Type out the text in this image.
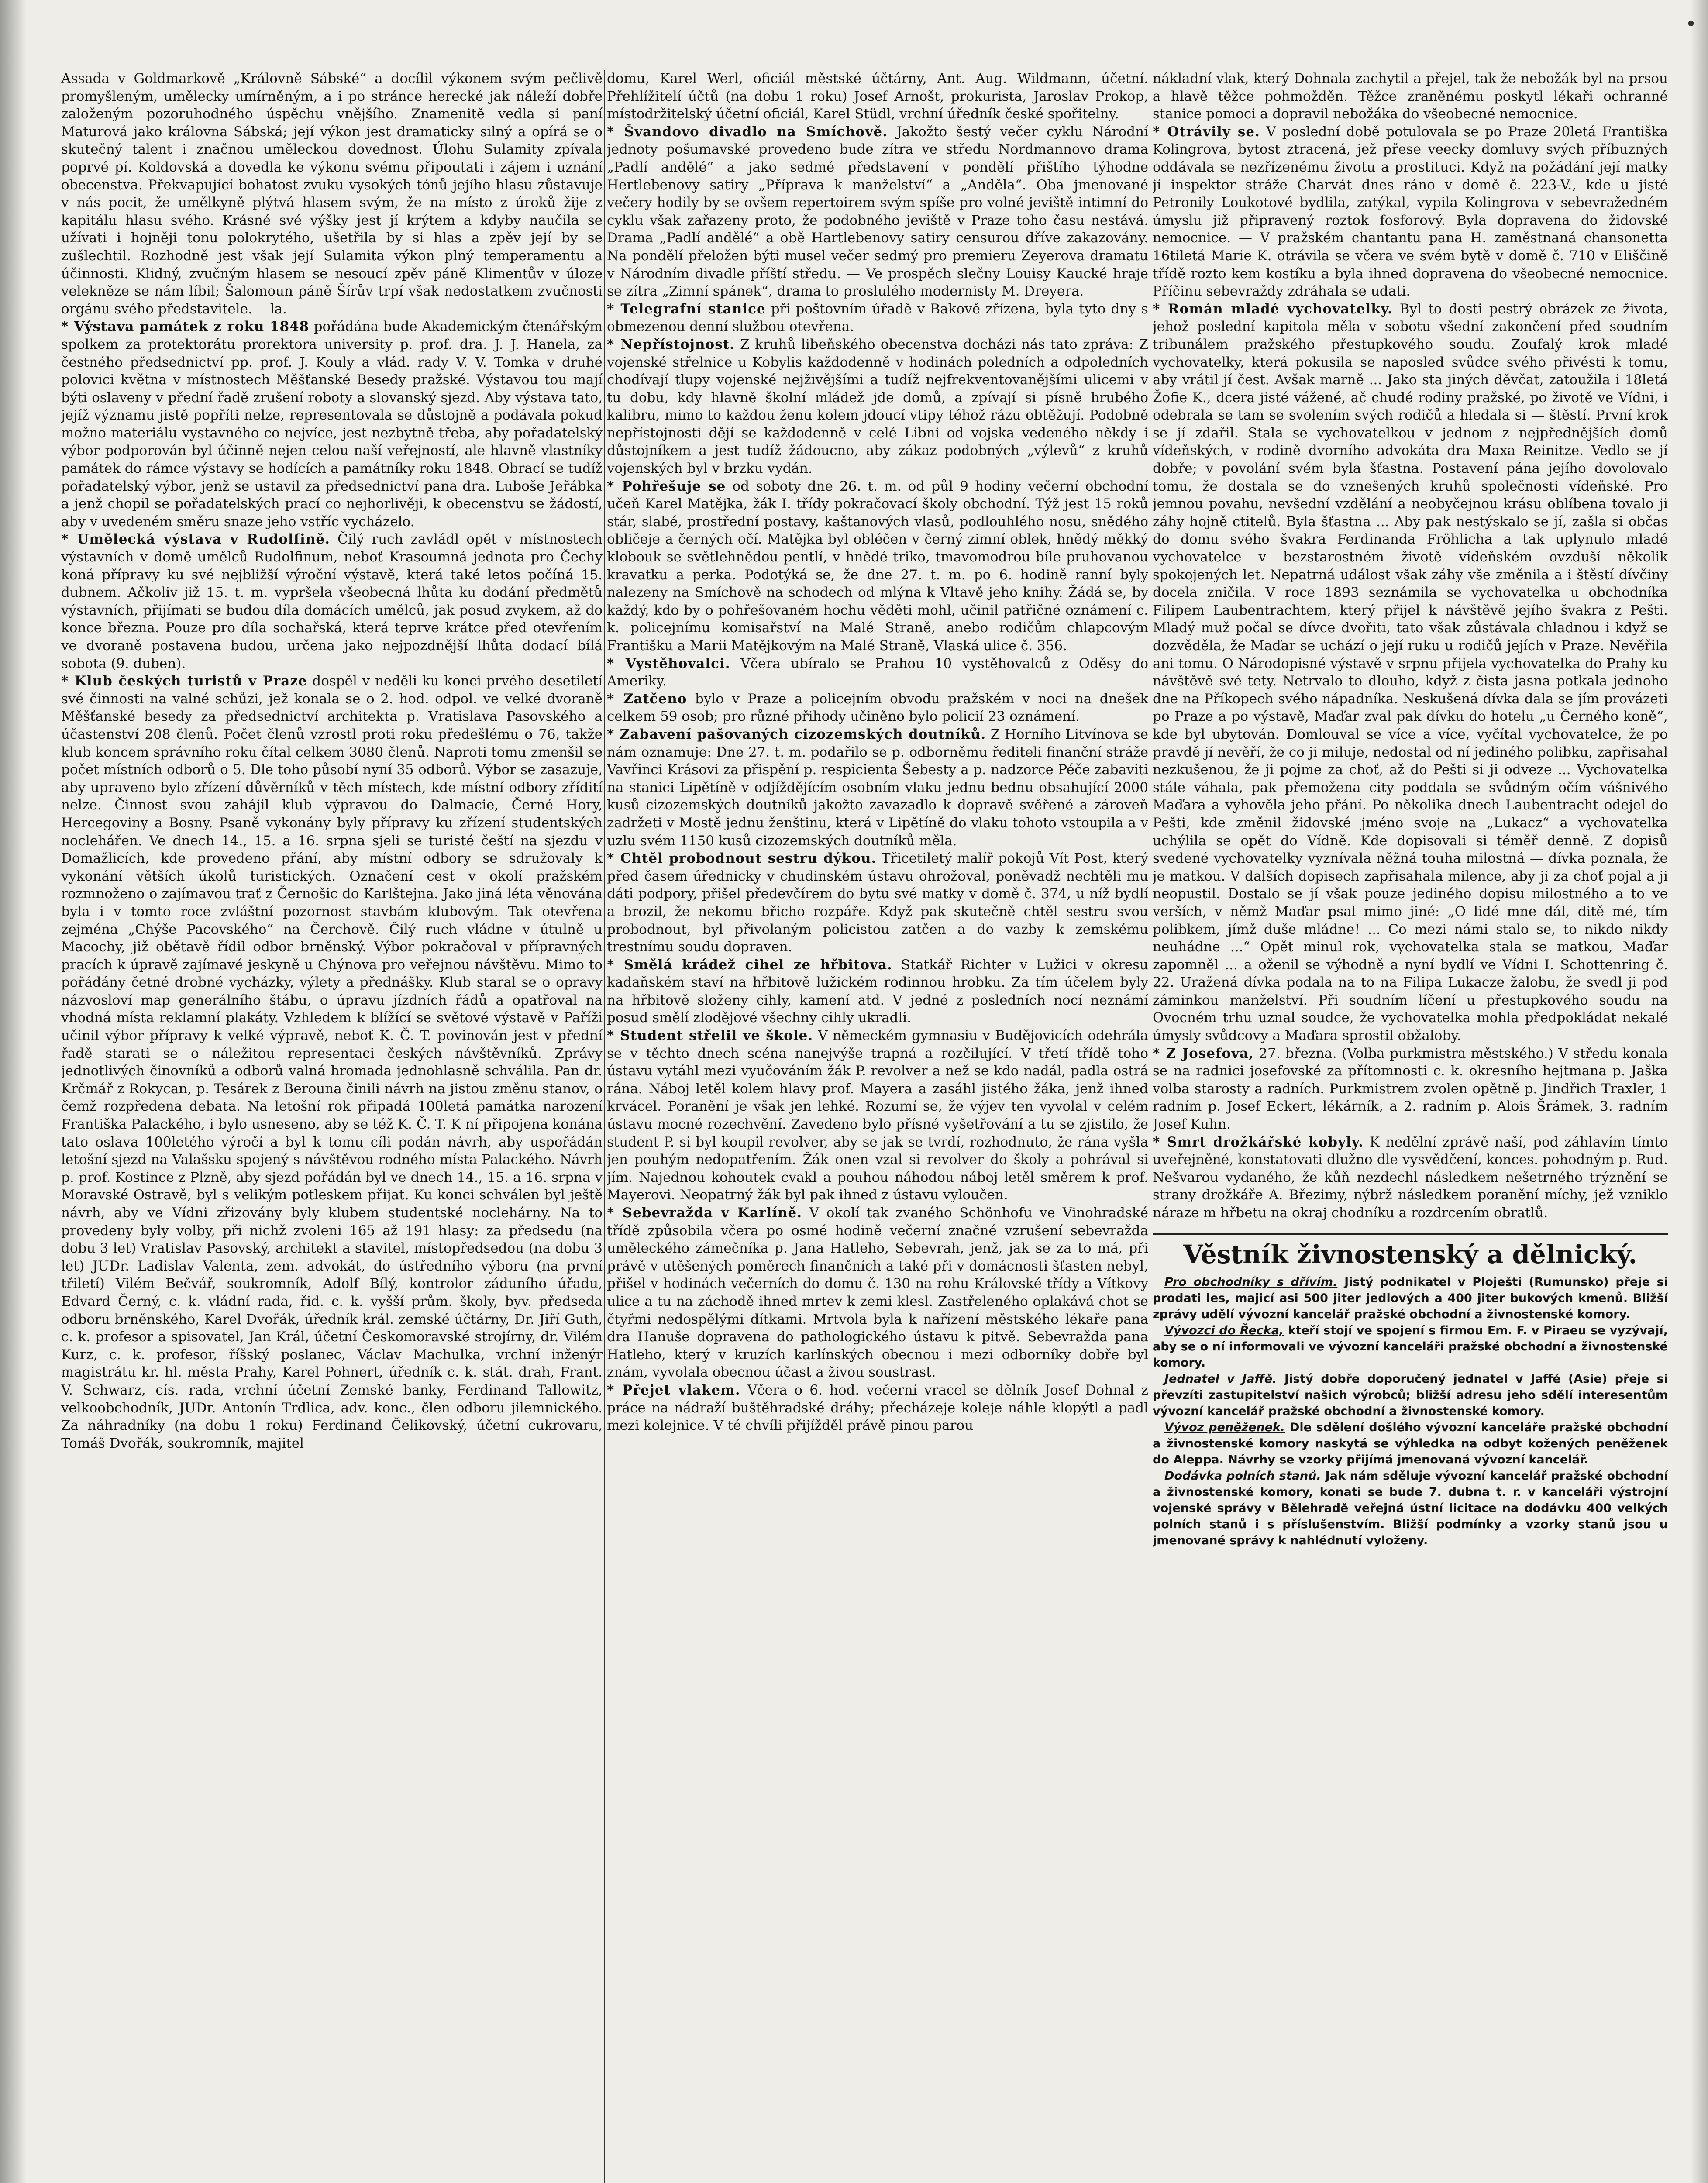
•

Assada v Goldmarkově „Královně Sábské“ a docílil výkonem svým pečlivě promyšleným, umělecky umírněným, a i po stránce herecké jak náleží dobře založeným pozoruhodného úspěchu vnějšího. Znamenitě vedla si paní Maturová jako královna Sábská; její výkon jest dramaticky silný a opírá se o skutečný talent i značnou uměleckou dovednost. Úlohu Sulamity zpívala poprvé pí. Koldovská a dovedla ke výkonu svému připoutati i zájem i uznání obecenstva. Překvapující bohatost zvuku vysokých tónů jejího hlasu zůstavuje v nás pocit, že umělkyně plýtvá hlasem svým, že na místo z úroků žije z kapitálu hlasu svého. Krásné své výšky jest jí krýtem a kdyby naučila se užívati i hojněji tonu polokrytého, ušetřila by si hlas a zpěv její by se zušlechtil. Rozhodně jest však její Sulamita výkon plný temperamentu a účinnosti. Klidný, zvučným hlasem se nesoucí zpěv páně Klimentův v úloze velekněze se nám líbil; Šalomoun páně Šírův trpí však nedostatkem zvučnosti orgánu svého představitele. —la.

* Výstava památek z roku 1848 pořádána bude Akademickým čtenářským spolkem za protektorátu prorektora university p. prof. dra. J. J. Hanela, za čestného předsednictví pp. prof. J. Kouly a vlád. rady V. V. Tomka v druhé polovici května v místnostech Měšťanské Besedy pražské. Výstavou tou mají býti oslaveny v přední řadě zrušení roboty a slovanský sjezd. Aby výstava tato, jejíž významu jistě popříti nelze, representovala se důstojně a podávala pokud možno materiálu vystavného co nejvíce, jest nezbytně třeba, aby pořadatelský výbor podporován byl účinně nejen celou naší veřejností, ale hlavně vlastníky památek do rámce výstavy se hodících a památníky roku 1848. Obrací se tudíž pořadatelský výbor, jenž se ustavil za předsednictví pana dra. Luboše Jeřábka a jenž chopil se pořadatelských prací co nejhorlivěji, k obecenstvu se žádostí, aby v uvedeném směru snaze jeho vstříc vycházelo.

* Umělecká výstava v Rudolfině. Čilý ruch zavládl opět v místnostech výstavních v domě umělců Rudolfinum, neboť Krasoumná jednota pro Čechy koná přípravy ku své nejbližší výroční výstavě, která také letos počíná 15. dubnem. Ačkoliv již 15. t. m. vypršela všeobecná lhůta ku dodání předmětů výstavních, přijímati se budou díla domácích umělců, jak posud zvykem, až do konce března. Pouze pro díla sochařská, která teprve krátce před otevřením ve dvoraně postavena budou, určena jako nejpozdnější lhůta dodací bílá sobota (9. duben).

* Klub českých turistů v Praze dospěl v neděli ku konci prvého desetiletí své činnosti na valné schůzi, jež konala se o 2. hod. odpol. ve velké dvoraně Měšťanské besedy za předsednictví architekta p. Vratislava Pasovského a účastenství 208 členů. Počet členů vzrostl proti roku předešlému o 76, takže klub koncem správního roku čítal celkem 3080 členů. Naproti tomu zmenšil se počet místních odborů o 5. Dle toho působí nyní 35 odborů. Výbor se zasazuje, aby upraveno bylo zřízení důvěrníků v těch místech, kde místní odbory zřídití nelze. Činnost svou zahájil klub výpravou do Dalmacie, Černé Hory, Hercegoviny a Bosny. Psaně vykonány byly přípravy ku zřízení studentských noclehářen. Ve dnech 14., 15. a 16. srpna sjeli se turisté čeští na sjezdu v Domažlicích, kde provedeno přání, aby místní odbory se sdružovaly k vykonání větších úkolů turistických. Označení cest v okolí pražském rozmnoženo o zajímavou trať z Černošic do Karlštejna. Jako jiná léta věnována byla i v tomto roce zvláštní pozornost stavbám klubovým. Tak otevřena zejména „Chýše Pacovského“ na Čerchově. Čilý ruch vládne v útulně u Macochy, již obětavě řídil odbor brněnský. Výbor pokračoval v přípravných pracích k úpravě zajímavé jeskyně u Chýnova pro veřejnou návštěvu. Mimo to pořádány četné drobné vycházky, výlety a přednášky. Klub staral se o opravy názvosloví map generálního štábu, o úpravu jízdních řádů a opatřoval na vhodná místa reklamní plakáty. Vzhledem k blížící se světové výstavě v Paříži učinil výbor přípravy k velké výpravě, neboť K. Č. T. povinován jest v přední řadě starati se o náležitou representaci českých návštěvníků. Zprávy jednotlivých činovníků a odborů valná hromada jednohlasně schválila. Pan dr. Krčmář z Rokycan, p. Tesárek z Berouna činili návrh na jistou změnu stanov, o čemž rozpředena debata. Na letošní rok připadá 100letá památka narození Františka Palackého, i bylo usneseno, aby se též K. Č. T. K ní připojena konána tato oslava 100letého výročí a byl k tomu cíli podán návrh, aby uspořádán letošní sjezd na Valašsku spojený s návštěvou rodného místa Palackého. Návrh p. prof. Kostince z Plzně, aby sjezd pořádán byl ve dnech 14., 15. a 16. srpna v Moravské Ostravě, byl s velikým potleskem přijat. Ku konci schválen byl ještě návrh, aby ve Vídni zřizovány byly klubem studentské noclehárny. Na to provedeny byly volby, při nichž zvoleni 165 až 191 hlasy: za předsedu (na dobu 3 let) Vratislav Pasovský, architekt a stavitel, místopředsedou (na dobu 3 let) JUDr. Ladislav Valenta, zem. advokát, do ústředního výboru (na první třiletí) Vilém Bečvář, soukromník, Adolf Bílý, kontrolor záduního úřadu, Edvard Černý, c. k. vládní rada, řid. c. k. vyšší prům. školy, byv. předseda odboru brněnského, Karel Dvořák, úředník král. zemské účtárny, Dr. Jiří Guth, c. k. profesor a spisovatel, Jan Král, účetní Českomoravské strojírny, dr. Vilém Kurz, c. k. profesor, říšský poslanec, Václav Machulka, vrchní inženýr magistrátu kr. hl. města Prahy, Karel Pohnert, úředník c. k. stát. drah, Frant. V. Schwarz, cís. rada, vrchní účetní Zemské banky, Ferdinand Tallowitz, velkoobchodník, JUDr. Antonín Trdlica, adv. konc., člen odboru jilemnického. Za náhradníky (na dobu 1 roku) Ferdinand Čelikovský, účetní cukrovaru, Tomáš Dvořák, soukromník, majitel

domu, Karel Werl, oficiál městské účtárny, Ant. Aug. Wildmann, účetní. Přehlížitelí účtů (na dobu 1 roku) Josef Arnošt, prokurista, Jaroslav Prokop, místodržitelský účetní oficiál, Karel Stüdl, vrchní úředník české spořitelny.

* Švandovo divadlo na Smíchově. Jakožto šestý večer cyklu Národní jednoty pošumavské provedeno bude zítra ve středu Nordmannovo drama „Padlí andělé“ a jako sedmé představení v pondělí přištího týhodne Hertlebenovy satiry „Příprava k manželství“ a „Anděla“. Oba jmenované večery hodily by se ovšem repertoirem svým spíše pro volné jeviště intimní do cyklu však zařazeny proto, že podobného jeviště v Praze toho času nestává. Drama „Padlí andělé“ a obě Hartlebenovy satiry censurou dříve zakazovány. Na pondělí přeložen býti musel večer sedmý pro premieru Zeyerova dramatu v Národním divadle příští středu. — Ve prospěch slečny Louisy Kaucké hraje se zítra „Zimní spánek“, drama to proslulého modernisty M. Dreyera.

* Telegrafní stanice při poštovním úřadě v Bakově zřízena, byla tyto dny s obmezenou denní službou otevřena.

* Nepřístojnost. Z kruhů libeňského obecenstva docházi nás tato zpráva: Z vojenské střelnice u Kobylis každodenně v hodinách poledních a odpoledních chodívají tlupy vojenské nejživějšími a tudíž nejfrekventovanějšími ulicemi v tu dobu, kdy hlavně školní mládež jde domů, a zpívají si písně hrubého kalibru, mimo to každou ženu kolem jdoucí vtipy téhož rázu obtěžují. Podobně nepřístojnosti dějí se každodenně v celé Libni od vojska vedeného někdy i důstojníkem a jest tudíž žádoucno, aby zákaz podobných „výlevů“ z kruhů vojenských byl v brzku vydán.

* Pohřešuje se od soboty dne 26. t. m. od půl 9 hodiny večerní obchodní učeň Karel Matějka, žák I. třídy pokračovací školy obchodní. Týž jest 15 roků stár, slabé, prostřední postavy, kaštanových vlasů, podlouhlého nosu, snědého obličeje a černých očí. Matějka byl obléčen v černý zimní oblek, hnědý měkký klobouk se světlehnědou pentlí, v hnědé triko, tmavomodrou bíle pruhovanou kravatku a perka. Podotýká se, že dne 27. t. m. po 6. hodině ranní byly nalezeny na Smíchově na schodech od mlýna k Vltavě jeho knihy. Žádá se, by každý, kdo by o pohřešovaném hochu věděti mohl, učinil patřičné oznámení c. k. policejnímu komisařství na Malé Straně, anebo rodičům chlapcovým Františku a Marii Matějkovým na Malé Straně, Vlaská ulice č. 356.

* Vystěhovalci. Včera ubíralo se Prahou 10 vystěhovalců z Oděsy do Ameriky.

* Zatčeno bylo v Praze a policejním obvodu pražském v noci na dnešek celkem 59 osob; pro různé přihody učiněno bylo policií 23 oznámení.

* Zabavení pašovaných cizozemských doutníků. Z Horního Litvínova se nám oznamuje: Dne 27. t. m. podařilo se p. odborněmu řediteli finanční stráže Vavřinci Krásovi za přispění p. respicienta Šebesty a p. nadzorce Péče zabaviti na stanici Lipětíně v odjíždějícím osobním vlaku jednu bednu obsahující 2000 kusů cizozemských doutníků jakožto zavazadlo k dopravě svěřené a zároveň zadržeti v Mostě jednu ženštinu, která v Lipětíně do vlaku tohoto vstoupila a v uzlu svém 1150 kusů cizozemských doutníků měla.

* Chtěl probodnout sestru dýkou. Třicetiletý malíř pokojů Vít Post, který před časem úřednicky v chudinském ústavu ohrožoval, poněvadž nechtěli mu dáti podpory, přišel předevčírem do bytu své matky v domě č. 374, u níž bydlí a brozil, že nekomu břicho rozpáře. Když pak skutečně chtěl sestru svou probodnout, byl přivolaným policistou zatčen a do vazby k zemskému trestnímu soudu dopraven.

* Smělá krádež cihel ze hřbitova. Statkář Richter v Lužici v okresu kadaňském staví na hřbitově lužickém rodinnou hrobku. Za tím účelem byly na hřbitově složeny cihly, kamení atd. V jedné z posledních nocí neznámí posud smělí zlodějové všechny cihly ukradli.

* Student střelil ve škole. V německém gymnasiu v Budějovicích odehrála se v těchto dnech scéna nanejvýše trapná a rozčilující. V třetí třídě toho ústavu vytáhl mezi vyučováním žák P. revolver a než se kdo nadál, padla ostrá rána. Náboj letěl kolem hlavy prof. Mayera a zasáhl jistého žáka, jenž ihned krvácel. Poranění je však jen lehké. Rozumí se, že výjev ten vyvolal v celém ústavu mocné rozechvění. Zavedeno bylo přísné vyšetřování a tu se zjistilo, že student P. si byl koupil revolver, aby se jak se tvrdí, rozhodnuto, že rána vyšla jen pouhým nedopatřením. Žák onen vzal si revolver do školy a pohrával si jím. Najednou kohoutek cvakl a pouhou náhodou náboj letěl směrem k prof. Mayerovi. Neopatrný žák byl pak ihned z ústavu vyloučen.

* Sebevražda v Karlíně. V okolí tak zvaného Schönhofu ve Vinohradské třídě způsobila včera po osmé hodině večerní značné vzrušení sebevražda uměleckého zámečníka p. Jana Hatleho, Sebevrah, jenž, jak se za to má, při právě v utěšených poměrech finančních a také při v domácnosti šťasten nebyl, přišel v hodinách večerních do domu č. 130 na rohu Královské třídy a Vítkovy ulice a tu na záchodě ihned mrtev k zemi klesl. Zastřeleného oplakává chot se čtyřmi nedospělými dítkami. Mrtvola byla k nařízení městského lékaře pana dra Hanuše dopravena do pathologického ústavu k pitvě. Sebevražda pana Hatleho, který v kruzích karlínských obecnou i mezi odborníky dobře byl znám, vyvolala obecnou účast a živou soustrast.

* Přejet vlakem. Včera o 6. hod. večerní vracel se dělník Josef Dohnal z práce na nádraží buštěhradské dráhy; přecházeje koleje náhle klopýtl a padl mezi kolejnice. V té chvíli přijížděl právě pinou parou

nákladní vlak, který Dohnala zachytil a přejel, tak že nebožák byl na prsou a hlavě těžce pohmožděn. Těžce zraněnému poskytl lékaři ochranné stanice pomoci a dopravil nebožáka do všeobecné nemocnice.

* Otrávily se. V poslední době potulovala se po Praze 20letá Františka Kolingrova, bytost ztracená, jež přese veecky domluvy svých příbuzných oddávala se nezřízenému životu a prostituci. Když na požádání její matky jí inspektor stráže Charvát dnes ráno v domě č. 223-V., kde u jisté Petronily Loukotové bydlila, zatýkal, vypila Kolingrova v sebevražedném úmyslu již připravený roztok fosforový. Byla dopravena do židovské nemocnice. — V pražském chantantu pana H. zaměstnaná chansonetta 16tiletá Marie K. otrávila se včera ve svém bytě v domě č. 710 v Eliščině třídě rozto kem kostíku a byla ihned dopravena do všeobecné nemocnice. Příčinu sebevraždy zdráhala se udati.

* Román mladé vychovatelky. Byl to dosti pestrý obrázek ze života, jehož poslední kapitola měla v sobotu všední zakončení před soudním tribunálem pražského přestupkového soudu. Zoufalý krok mladé vychovatelky, která pokusila se naposled svůdce svého přivésti k tomu, aby vrátil jí čest. Avšak marně ... Jako sta jiných děvčat, zatoužila i 18letá Žofie K., dcera jisté vážené, ač chudé rodiny pražské, po životě ve Vídni, i odebrala se tam se svolením svých rodičů a hledala si — štěstí. První krok se jí zdařil. Stala se vychovatelkou v jednom z nejpřednějších domů vídeňských, v rodině dvorního advokáta dra Maxa Reinitze. Vedlo se jí dobře; v povolání svém byla šťastna. Postavení pána jejího dovolovalo tomu, že dostala se do vznešených kruhů společnosti vídeňské. Pro jemnou povahu, nevšední vzdělání a neobyčejnou krásu oblíbena tovalo ji záhy hojně ctitelů. Byla šťastna ... Aby pak nestýskalo se jí, zašla si občas do domu svého švakra Ferdinanda Fröhlicha a tak uplynulo mladé vychovatelce v bezstarostném životě vídeňském ovzduší několik spokojených let. Nepatrná událost však záhy vše změnila a i štěstí dívčiny docela zničila. V roce 1893 seznámila se vychovatelka u obchodníka Filipem Laubentrachtem, který přijel k návštěvě jejího švakra z Pešti. Mladý muž počal se dívce dvořiti, tato však zůstávala chladnou i když se dozvěděla, že Maďar se uchází o její ruku u rodičů jejích v Praze. Nevěřila ani tomu. O Národopisné výstavě v srpnu přijela vychovatelka do Prahy ku návštěvě své tety. Netrvalo to dlouho, když z čista jasna potkala jednoho dne na Příkopech svého nápadníka. Neskušená dívka dala se jím provázeti po Praze a po výstavě, Maďar zval pak dívku do hotelu „u Černého koně“, kde byl ubytován. Domlouval se více a více, vyčítal vychovatelce, že po pravdě jí nevěří, že co ji miluje, nedostal od ní jediného polibku, zapřisahal nezkušenou, že ji pojme za choť, až do Pešti si ji odveze ... Vychovatelka stále váhala, pak přemožena city poddala se svůdným očím vášnivého Maďara a vyhověla jeho přání. Po několika dnech Laubentracht odejel do Pešti, kde změnil židovské jméno svoje na „Lukacz“ a vychovatelka uchýlila se opět do Vídně. Kde dopisovali si téměř denně. Z dopisů svedené vychovatelky vyznívala něžná touha milostná — dívka poznala, že je matkou. V dalších dopisech zapřisahala milence, aby ji za choť pojal a ji neopustil. Dostalo se jí však pouze jediného dopisu milostného a to ve verších, v němž Maďar psal mimo jiné: „O lidé mne dál, ditě mé, tím polibkem, jímž duše mládne! ... Co mezi námi stalo se, to nikdo nikdy neuhádne ...“ Opět minul rok, vychovatelka stala se matkou, Maďar zapomněl ... a oženil se výhodně a nyní bydlí ve Vídni I. Schottenring č. 22. Uražená dívka podala na to na Filipa Lukacze žalobu, že svedl ji pod záminkou manželství. Při soudním líčení u přestupkového soudu na Ovocném trhu uznal soudce, že vychovatelka mohla předpokládat nekalé úmysly svůdcovy a Maďara sprostil obžaloby.

* Z Josefova, 27. března. (Volba purkmistra městského.) V středu konala se na radnici josefovské za přítomnosti c. k. okresního hejtmana p. Jaška volba starosty a radních. Purkmistrem zvolen opětně p. Jindřich Traxler, 1 radním p. Josef Eckert, lékárník, a 2. radním p. Alois Šrámek, 3. radním Josef Kuhn.

* Smrt drožkářské kobyly. K nedělní zprávě naší, pod záhlavím tímto uveřejněné, konstatovati dlužno dle vysvědčení, konces. pohodným p. Rud. Nešvarou vydaného, že kůň nezdechl následkem nešetrného trýznění se strany drožkáře A. Březimy, nýbrž následkem poranění míchy, jež vzniklo náraze m hřbetu na okraj chodníku a rozdrcením obratlů.

Věstník živnostenský a dělnický.

 Pro obchodníky s dřívím. Jistý podnikatel v Ploješti (Rumunsko) přeje si prodati les, majicí asi 500 jiter jedlových a 400 jiter bukových kmenů. Bližší zprávy udělí vývozní kancelář pražské obchodní a živnostenské komory.

 Vývozci do Řecka, kteří stojí ve spojení s firmou Em. F. v Piraeu se vyzývají, aby se o ní informovali ve vývozní kanceláři pražské obchodní a živnostenské komory.

 Jednatel v Jaffě. Jistý dobře doporučený jednatel v Jaffé (Asie) přeje si převzíti zastupitelství našich výrobců; bližší adresu jeho sdělí interesentům vývozní kancelář pražské obchodní a živnostenské komory.

 Vývoz peněženek. Dle sdělení došlého vývozní kanceláře pražské obchodní a živnostenské komory naskytá se výhledka na odbyt kožených peněženek do Aleppa. Návrhy se vzorky přijímá jmenovaná vývozní kancelář.

 Dodávka polních stanů. Jak nám sděluje vývozní kancelář pražské obchodní a živnostenské komory, konati se bude 7. dubna t. r. v kanceláři výstrojní vojenské správy v Bělehradě veřejná ústní licitace na dodávku 400 velkých polních stanů i s příslušenstvím. Bližší podmínky a vzorky stanů jsou u jmenované správy k nahlédnutí vyloženy.
